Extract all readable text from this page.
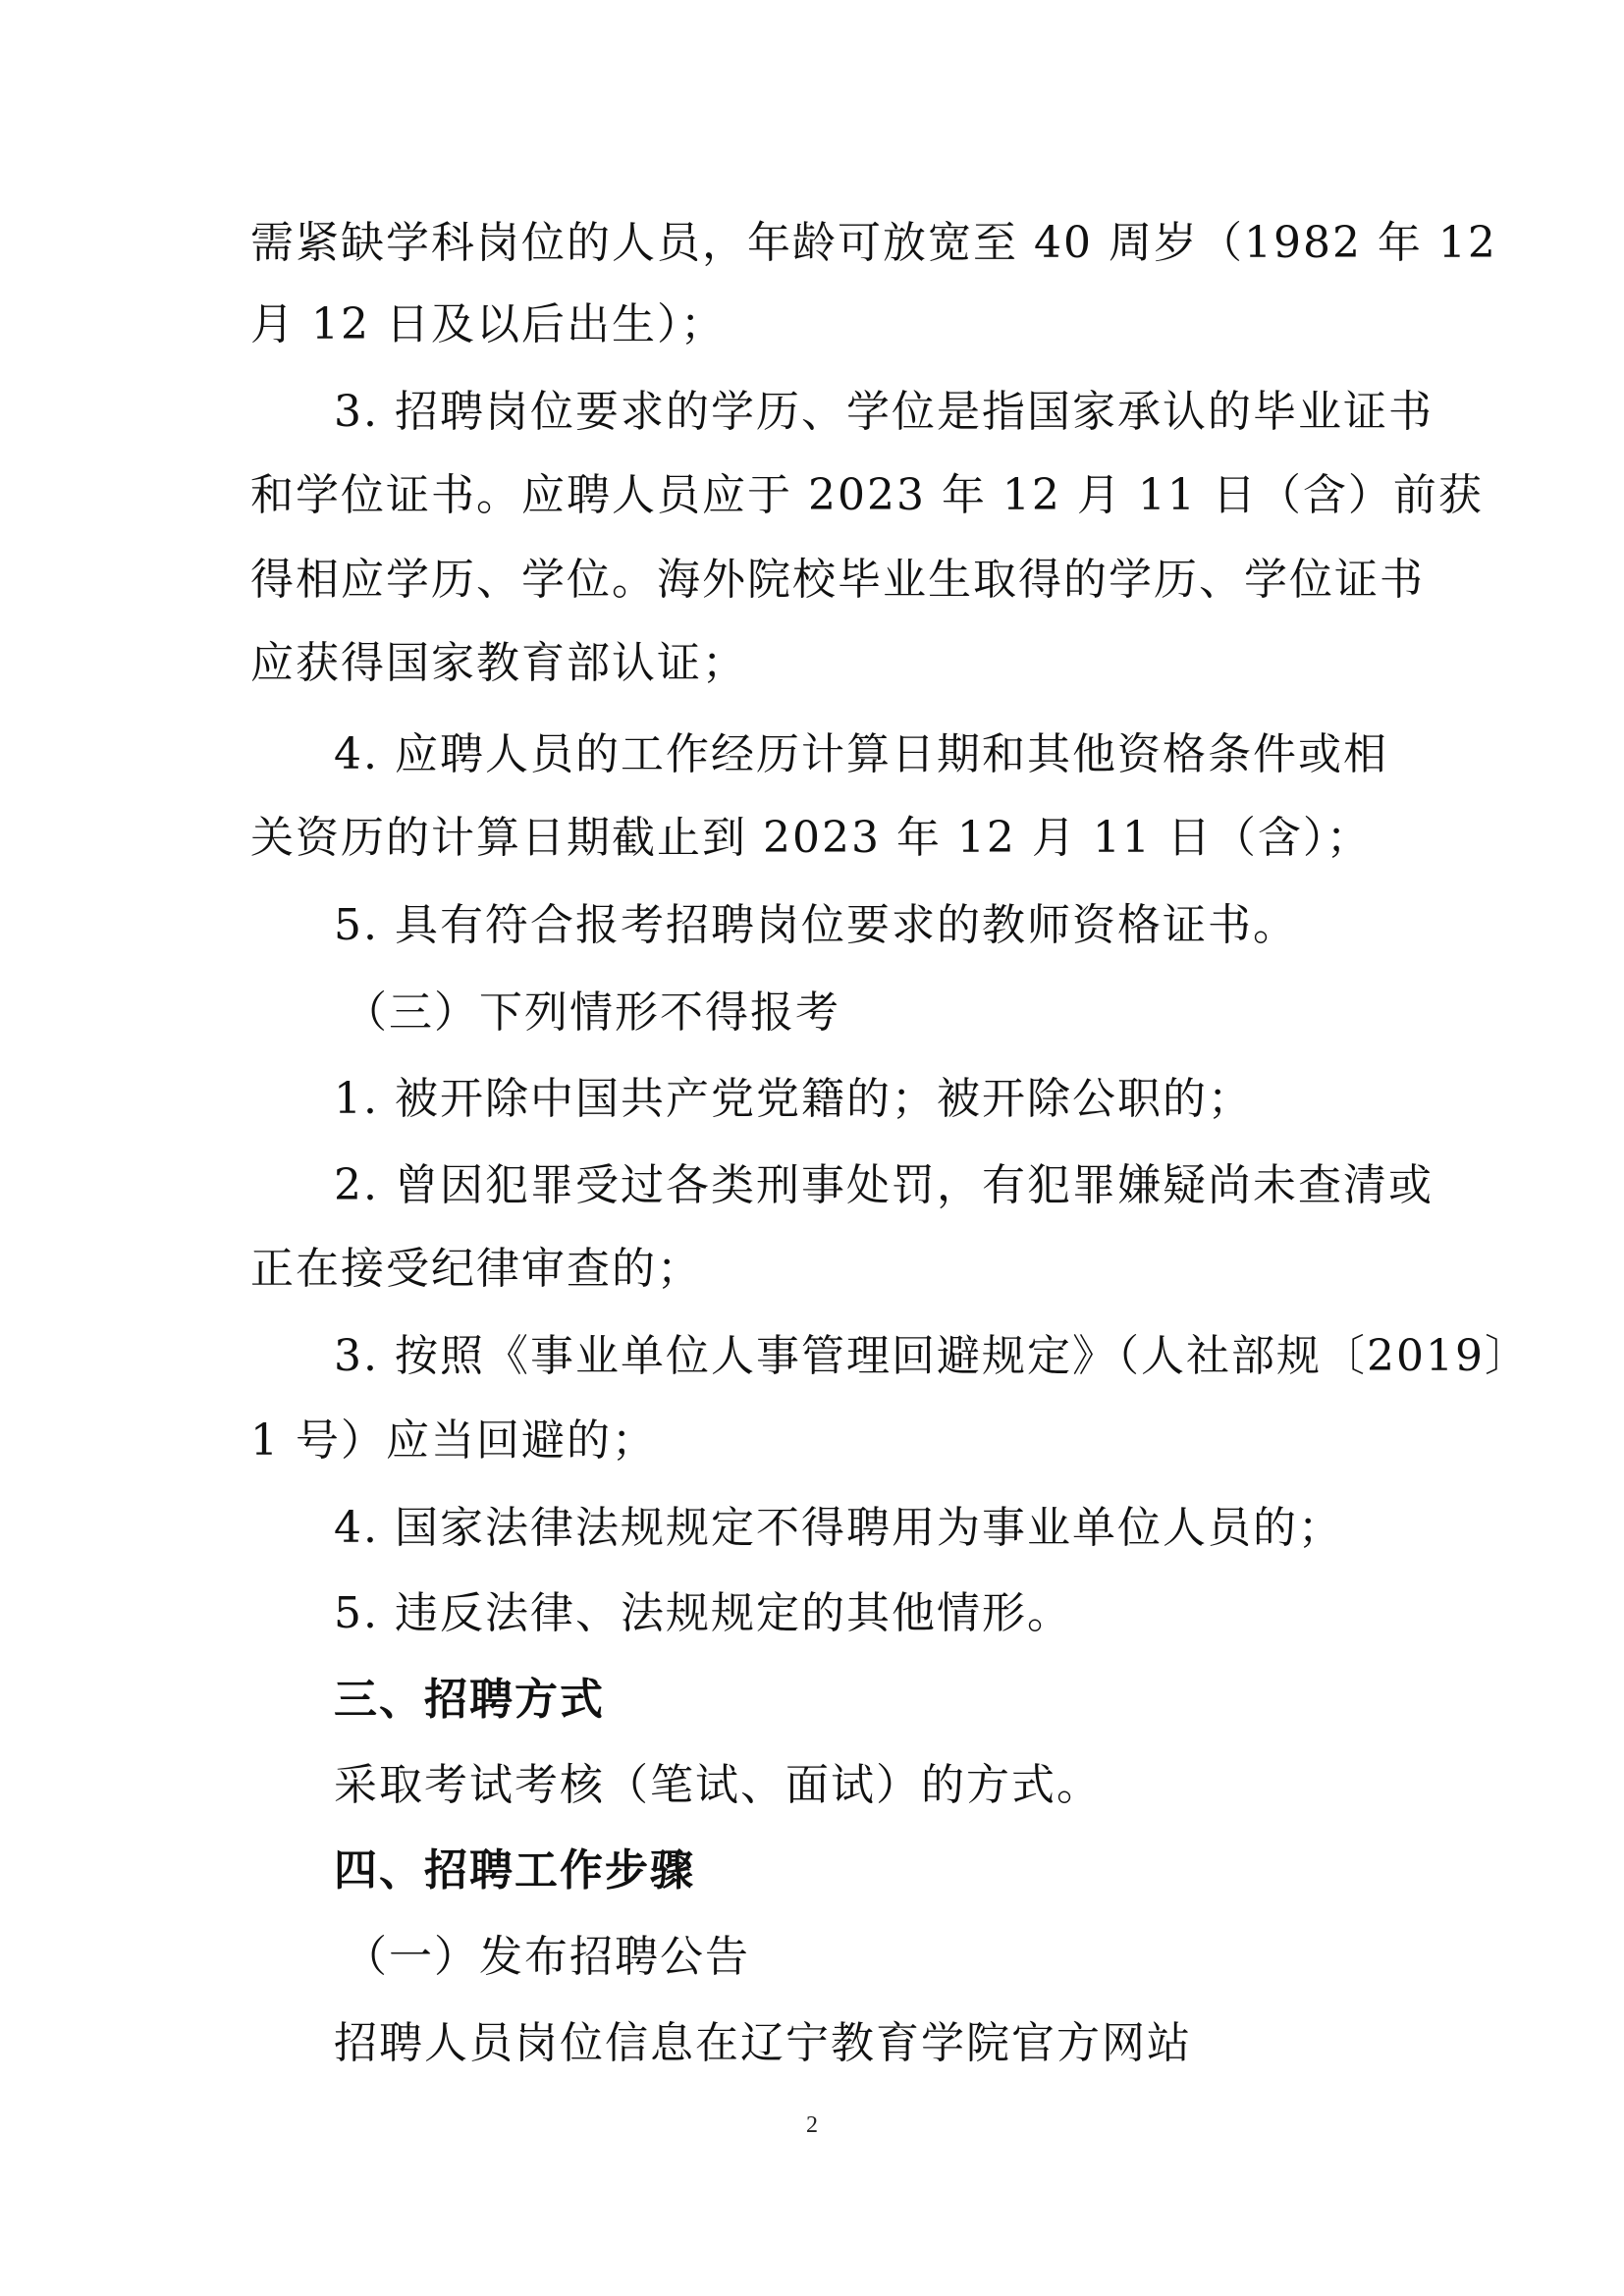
需紧缺学科岗位的人员，年龄可放宽至 40 周岁（1982 年 12
月 12 日及以后出生）；
3. 招聘岗位要求的学历、学位是指国家承认的毕业证书
和学位证书。应聘人员应于 2023 年 12 月 11 日（含）前获
得相应学历、学位。海外院校毕业生取得的学历、学位证书
应获得国家教育部认证；
4. 应聘人员的工作经历计算日期和其他资格条件或相
关资历的计算日期截止到 2023 年 12 月 11 日（含）；
5. 具有符合报考招聘岗位要求的教师资格证书。
（三）下列情形不得报考
1. 被开除中国共产党党籍的；被开除公职的；
2. 曾因犯罪受过各类刑事处罚，有犯罪嫌疑尚未查清或
正在接受纪律审查的；
3. 按照《事业单位人事管理回避规定》（人社部规〔2019〕
1 号）应当回避的；
4. 国家法律法规规定不得聘用为事业单位人员的；
5. 违反法律、法规规定的其他情形。
三、招聘方式
采取考试考核（笔试、面试）的方式。
四、招聘工作步骤
（一）发布招聘公告
招聘人员岗位信息在辽宁教育学院官方网站
2
